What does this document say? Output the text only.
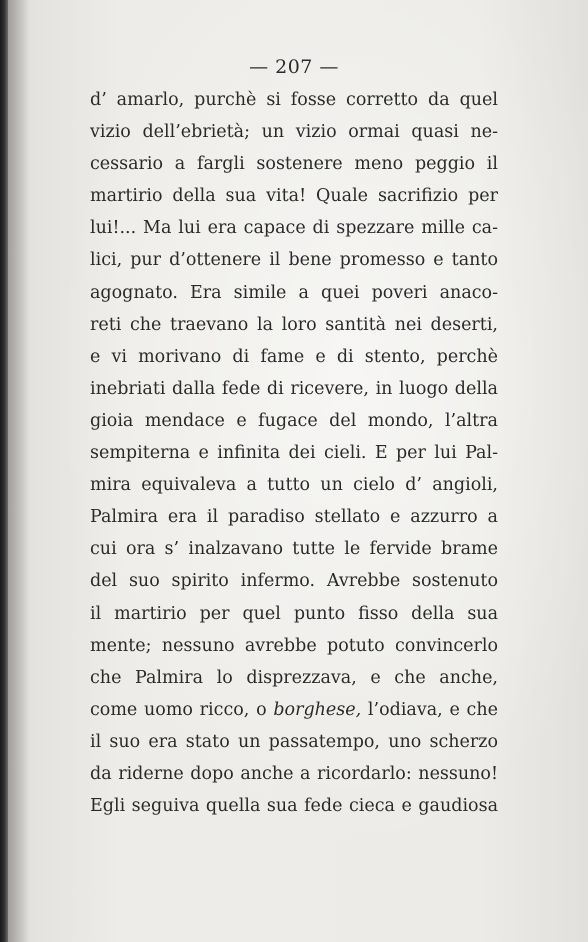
— 207 —
d’ amarlo, purchè si fosse corretto da quel
vizio dell’ebrietà; un vizio ormai quasi ne-
cessario a fargli sostenere meno peggio il
martirio della sua vita! Quale sacrifizio per
lui!... Ma lui era capace di spezzare mille ca-
lici, pur d’ottenere il bene promesso e tanto
agognato. Era simile a quei poveri anaco-
reti che traevano la loro santità nei deserti,
e vi morivano di fame e di stento, perchè
inebriati dalla fede di ricevere, in luogo della
gioia mendace e fugace del mondo, l’altra
sempiterna e infinita dei cieli. E per lui Pal-
mira equivaleva a tutto un cielo d’ angioli,
Palmira era il paradiso stellato e azzurro a
cui ora s’ inalzavano tutte le fervide brame
del suo spirito infermo. Avrebbe sostenuto
il martirio per quel punto fisso della sua
mente; nessuno avrebbe potuto convincerlo
che Palmira lo disprezzava, e che anche,
come uomo ricco, o borghese, l’odiava, e che
il suo era stato un passatempo, uno scherzo
da riderne dopo anche a ricordarlo: nessuno!
Egli seguiva quella sua fede cieca e gaudiosa
